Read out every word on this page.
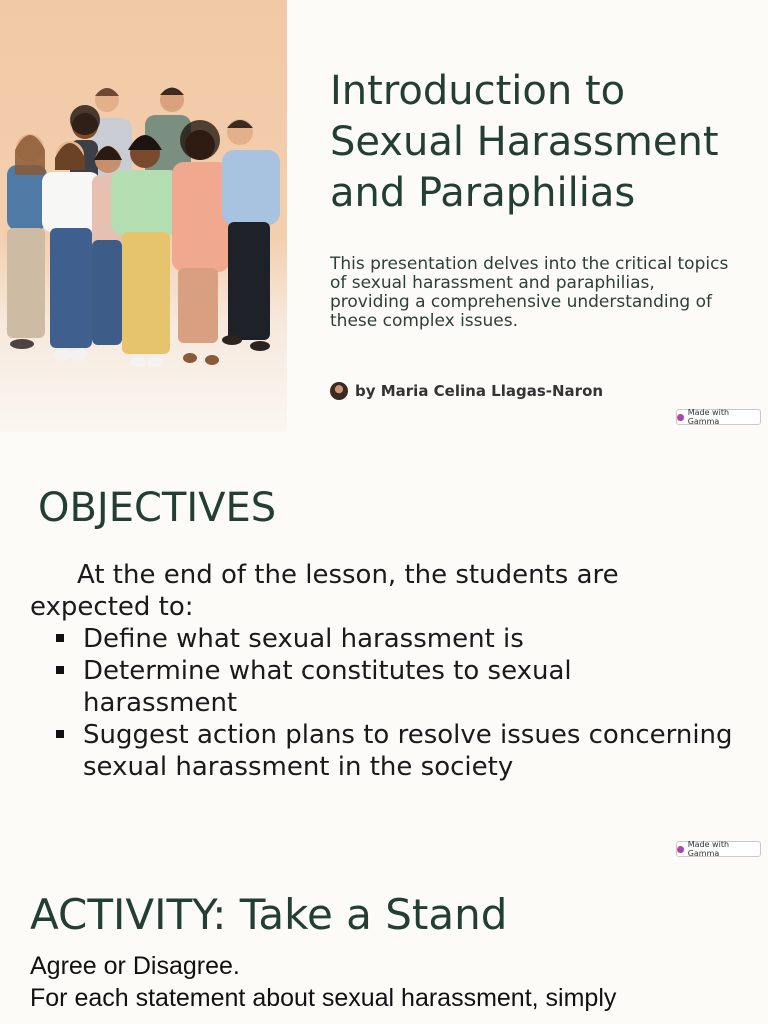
Introduction to Sexual Harassment and Paraphilias

This presentation delves into the critical topics of sexual harassment and paraphilias, providing a comprehensive understanding of these complex issues.

by Maria Celina Llagas-Naron
Made with Gamma
OBJECTIVES

At the end of the lesson, the students are expected to:

Define what sexual harassment is
Determine what constitutes to sexual harassment
Suggest action plans to resolve issues concerning sexual harassment in the society
Made with Gamma
ACTIVITY: Take a Stand
Agree or Disagree.
For each statement about sexual harassment, simply
